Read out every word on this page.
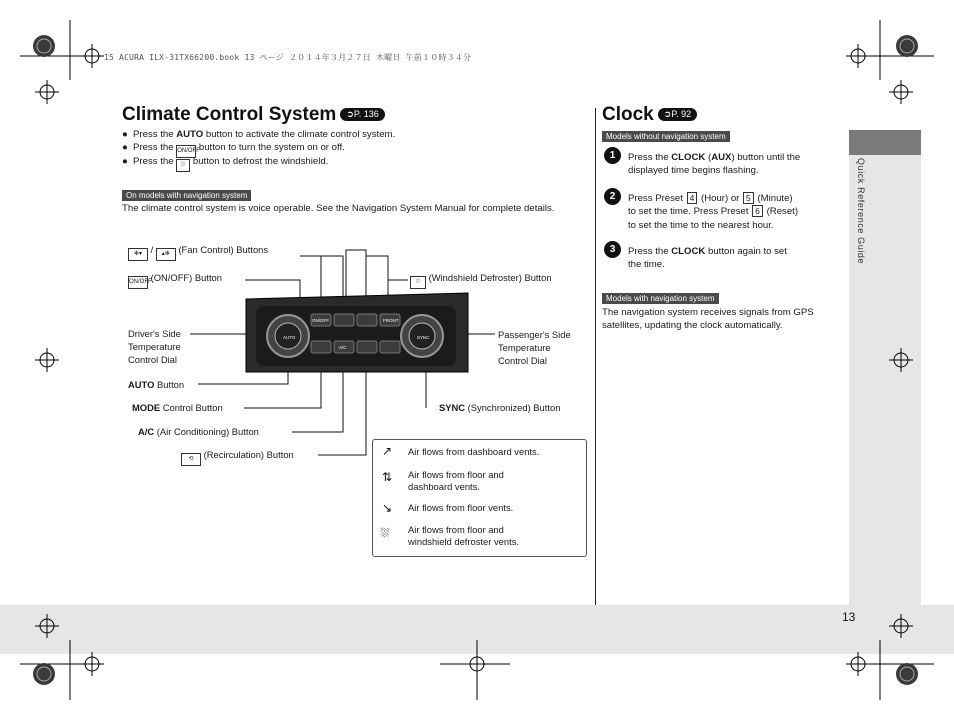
Quick Reference Guide
13
15 ACURA ILX-31TX66200.book 13 ページ ２０１４年３月２７日 木曜日 午前１０時３４分
Climate Control System ➲P. 136
● Press the AUTO button to activate the climate control system.
● Press the ON/OFF button to turn the system on or off.
● Press the ⛆ button to defrost the windshield.
On models with navigation system
The climate control system is voice operable. See the Navigation System Manual for complete details.
✻▾ / ▴✻ (Fan Control) Buttons
ON/OFF (ON/OFF) Button	⛆ (Windshield Defroster) Button
Driver's Side
Temperature
Control Dial
Passenger's Side
Temperature
Control Dial
AUTO Button
MODE Control Button	SYNC (Synchronized) Button
A/C (Air Conditioning) Button
⟲ (Recirculation) Button
AUTO	SYNC
A/C
FRONT
ON/OFF
↗ Air flows from dashboard vents.
⇅ Air flows from floor and
dashboard vents.
↘ Air flows from floor vents.
⛆ Air flows from floor and
windshield defroster vents.
Clock ➲P. 92
Models without navigation system
1	Press the CLOCK (AUX) button until the
displayed time begins flashing.
2	Press Preset 4 (Hour) or 5 (Minute)
to set the time. Press Preset 6 (Reset)
to set the time to the nearest hour.
3	Press the CLOCK button again to set
the time.
Models with navigation system
The navigation system receives signals from GPS satellites, updating the clock automatically.
